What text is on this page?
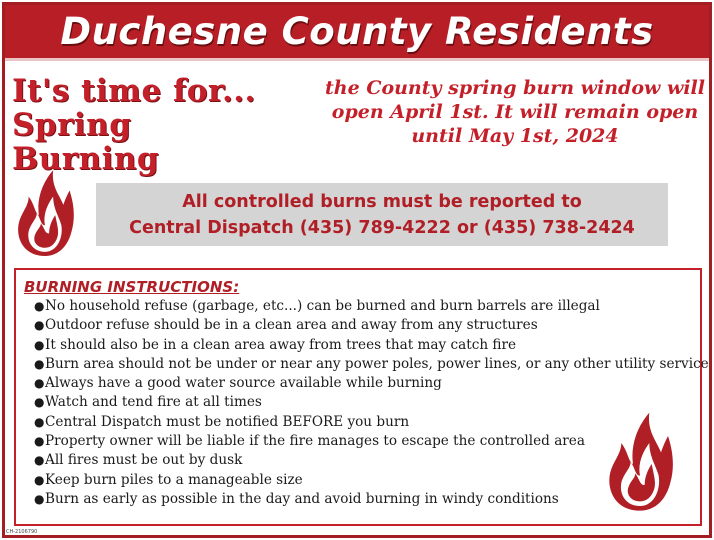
Duchesne County Residents
It's time for...
Spring Burning
the County spring burn window will
open April 1st. It will remain open
until May 1st, 2024
All controlled burns must be reported to
Central Dispatch (435) 789-4222 or (435) 738-2424
BURNING INSTRUCTIONS:
●No household refuse (garbage, etc...) can be burned and burn barrels are illegal
●Outdoor refuse should be in a clean area and away from any structures
●It should also be in a clean area away from trees that may catch fire
●Burn area should not be under or near any power poles, power lines, or any other utility service
●Always have a good water source available while burning
●Watch and tend fire at all times
●Central Dispatch must be notified BEFORE you burn
●Property owner will be liable if the fire manages to escape the controlled area
●All fires must be out by dusk
●Keep burn piles to a manageable size
●Burn as early as possible in the day and avoid burning in windy conditions
CH-2106790
